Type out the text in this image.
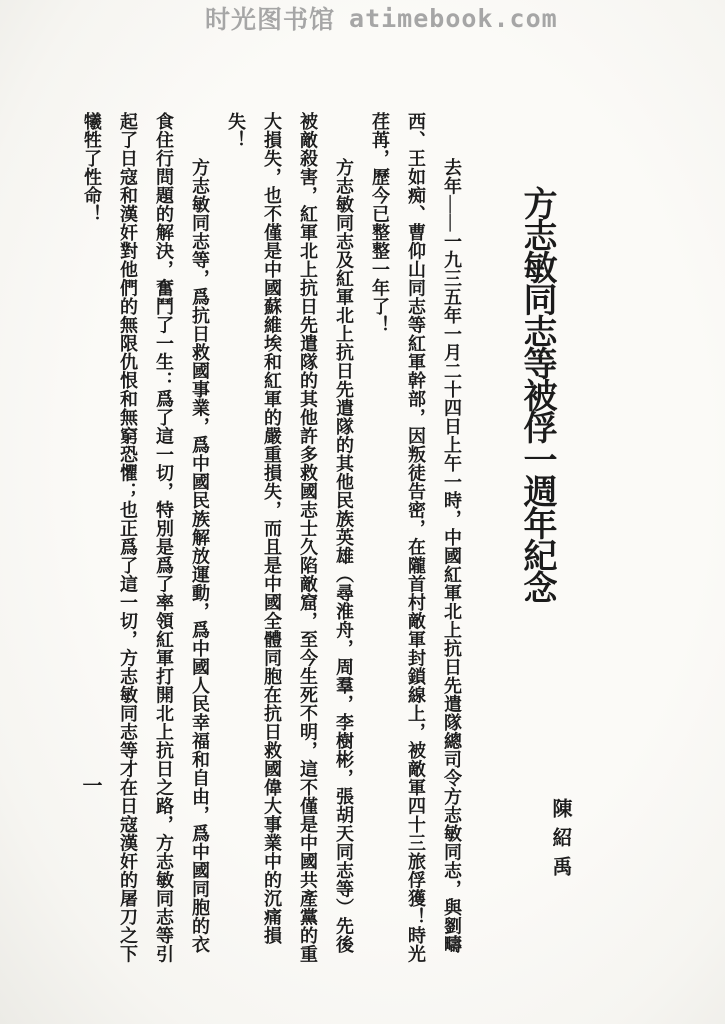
时光图书馆 atimebook.com
方志敏同志等被俘一週年紀念
陳紹禹

去年——一九三五年一月二十四日上午一時，中國紅軍北上抗日先遣隊總司令方志敏同志，與劉疇西、王如痴、曹仰山同志等紅軍幹部，因叛徒告密，在隴首村敵軍封鎖線上，被敵軍四十三旅俘獲！時光荏苒，歷今已整整一年了！

方志敏同志及紅軍北上抗日先遣隊的其他民族英雄（尋淮舟，周羣，李樹彬，張胡天同志等）先後被敵殺害，紅軍北上抗日先遣隊的其他許多救國志士久陷敵窟，至今生死不明，這不僅是中國共產黨的重大損失，也不僅是中國蘇維埃和紅軍的嚴重損失，而且是中國全體同胞在抗日救國偉大事業中的沉痛損失！

方志敏同志等，爲抗日救國事業，爲中國民族解放運動，爲中國人民幸福和自由，爲中國同胞的衣食住行問題的解決，奮鬥了一生：爲了這一切，特別是爲了率領紅軍打開北上抗日之路，方志敏同志等引起了日寇和漢奸對他們的無限仇恨和無窮恐懼；也正爲了這一切，方志敏同志等才在日寇漢奸的屠刀之下犧牲了性命！

一
